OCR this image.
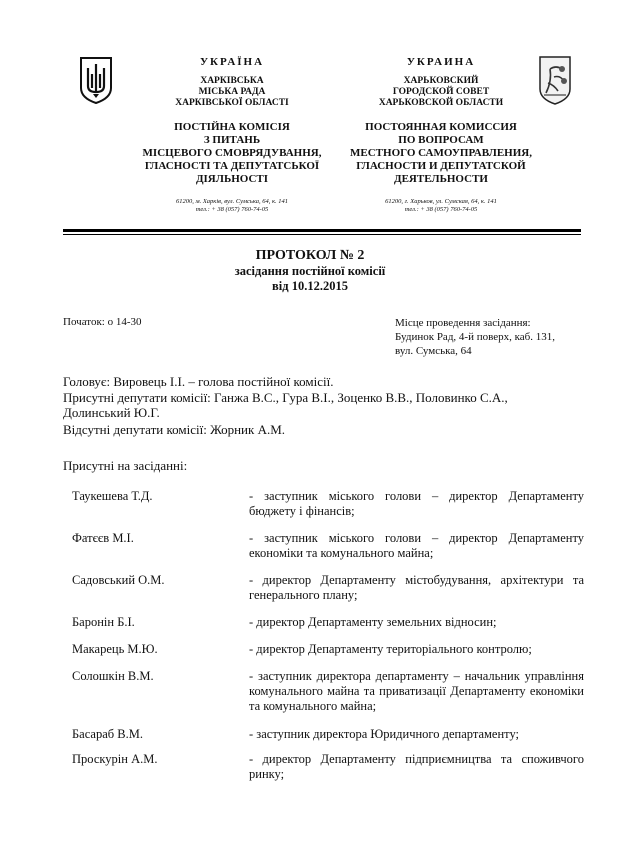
УКРАЇНА
ХАРКІВСЬКА
МІСЬКА РАДА
ХАРКІВСЬКОЇ ОБЛАСТІ
ПОСТІЙНА КОМІСІЯ
З ПИТАНЬ
МІСЦЕВОГО СМОВРЯДУВАННЯ,
ГЛАСНОСТІ ТА ДЕПУТАТСЬКОЇ
ДІЯЛЬНОСТІ
61200, м. Харків, вул. Сумська, 64, к. 141
тел.: + 38 (057) 760-74-05
УКРАИНА
ХАРЬКОВСКИЙ
ГОРОДСКОЙ СОВЕТ
ХАРЬКОВСКОЙ ОБЛАСТИ
ПОСТОЯННАЯ КОМИССИЯ
ПО ВОПРОСАМ
МЕСТНОГО САМОУПРАВЛЕНИЯ,
ГЛАСНОСТИ И ДЕПУТАТСКОЙ
ДЕЯТЕЛЬНОСТИ
61200, г. Харьков, ул. Сумская, 64, к. 141
тел.: + 38 (057) 760-74-05
ПРОТОКОЛ № 2
засідання постійної комісії
від 10.12.2015
Початок: о 14-30	Місце проведення засідання:
Будинок Рад, 4-й поверх, каб. 131,
вул. Сумська, 64
Головує: Вировець І.І. – голова постійної комісії.
Присутні депутати комісії: Ганжа В.С., Гура В.І., Зоценко В.В., Половинко С.А.,
Долинський Ю.Г.
Відсутні депутати комісії: Жорник А.М.
Присутні на засіданні:
Таукешева Т.Д.	- заступник міського голови – директор Департаменту бюджету і фінансів;
Фатєєв М.І.	- заступник міського голови – директор Департаменту економіки та комунального майна;
Садовський О.М.	- директор Департаменту містобудування, архітектури та генерального плану;
Баронін Б.І.	- директор Департаменту земельних відносин;
Макарець М.Ю.	- директор Департаменту територіального контролю;
Солошкін В.М.	- заступник директора департаменту – начальник управління комунального майна та приватизації Департаменту економіки та комунального майна;
Басараб В.М.	- заступник директора Юридичного департаменту;
Проскурін А.М.	- директор Департаменту підприємництва та споживчого ринку;
